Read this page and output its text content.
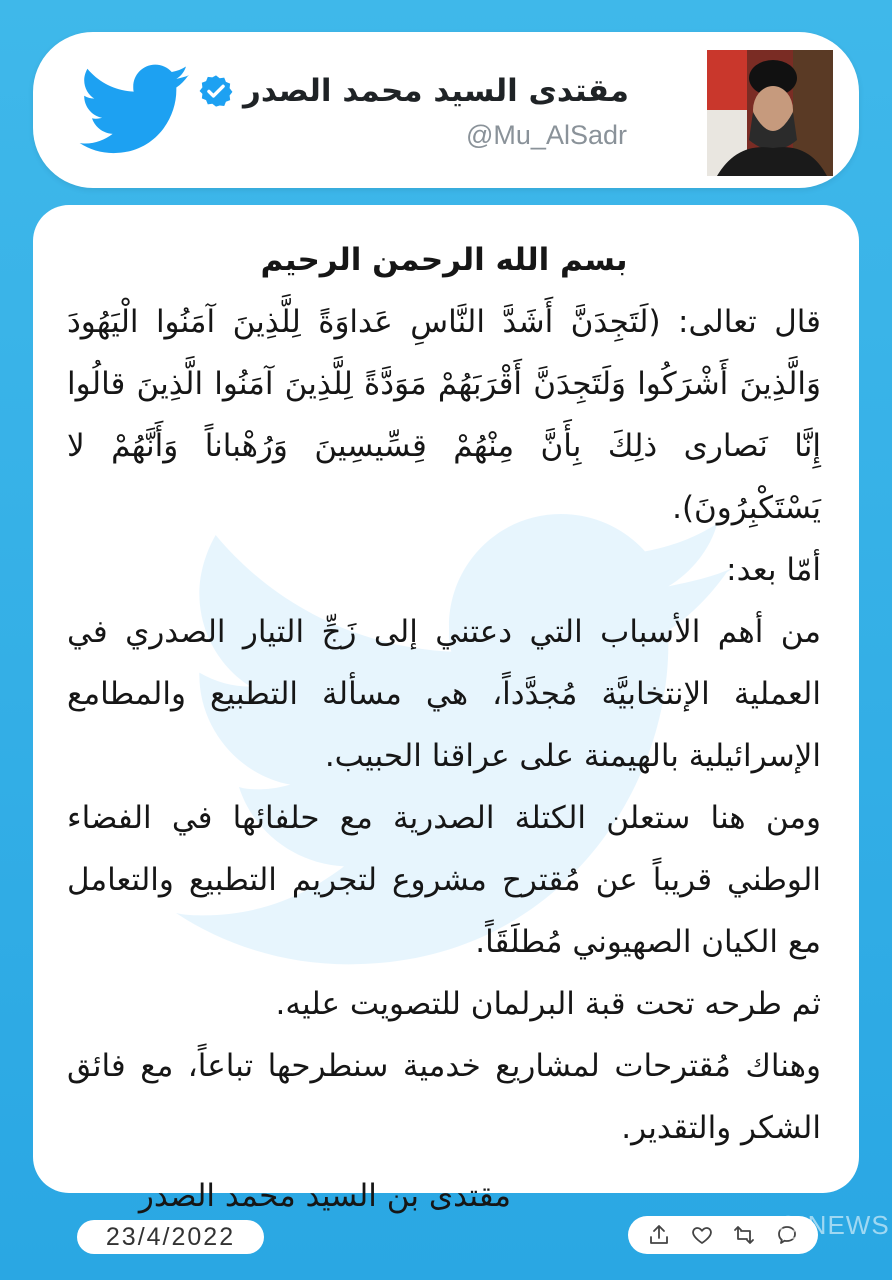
مقتدى السيد محمد الصدر
@Mu_AlSadr

بسم الله الرحمن الرحيم

قال تعالى: (لَتَجِدَنَّ أَشَدَّ النَّاسِ عَداوَةً لِلَّذِينَ آمَنُوا الْيَهُودَ وَالَّذِينَ أَشْرَكُوا وَلَتَجِدَنَّ أَقْرَبَهُمْ مَوَدَّةً لِلَّذِينَ آمَنُوا الَّذِينَ قالُوا إِنَّا نَصارى ذلِكَ بِأَنَّ مِنْهُمْ قِسِّيسِينَ وَرُهْباناً وَأَنَّهُمْ لا يَسْتَكْبِرُونَ).

أمّا بعد:

من أهم الأسباب التي دعتني إلى زَجِّ التيار الصدري في العملية الإنتخابيَّة مُجدَّداً، هي مسألة التطبيع والمطامع الإسرائيلية بالهيمنة على عراقنا الحبيب.

ومن هنا ستعلن الكتلة الصدرية مع حلفائها في الفضاء الوطني قريباً عن مُقترح مشروع لتجريم التطبيع والتعامل مع الكيان الصهيوني مُطلَقَاً.

ثم طرحه تحت قبة البرلمان للتصويت عليه.

وهناك مُقترحات لمشاريع خدمية سنطرحها تباعاً، مع فائق الشكر والتقدير.

مقتدى بن السيد محمد الصدر

23/4/2022	IQ NEWS
